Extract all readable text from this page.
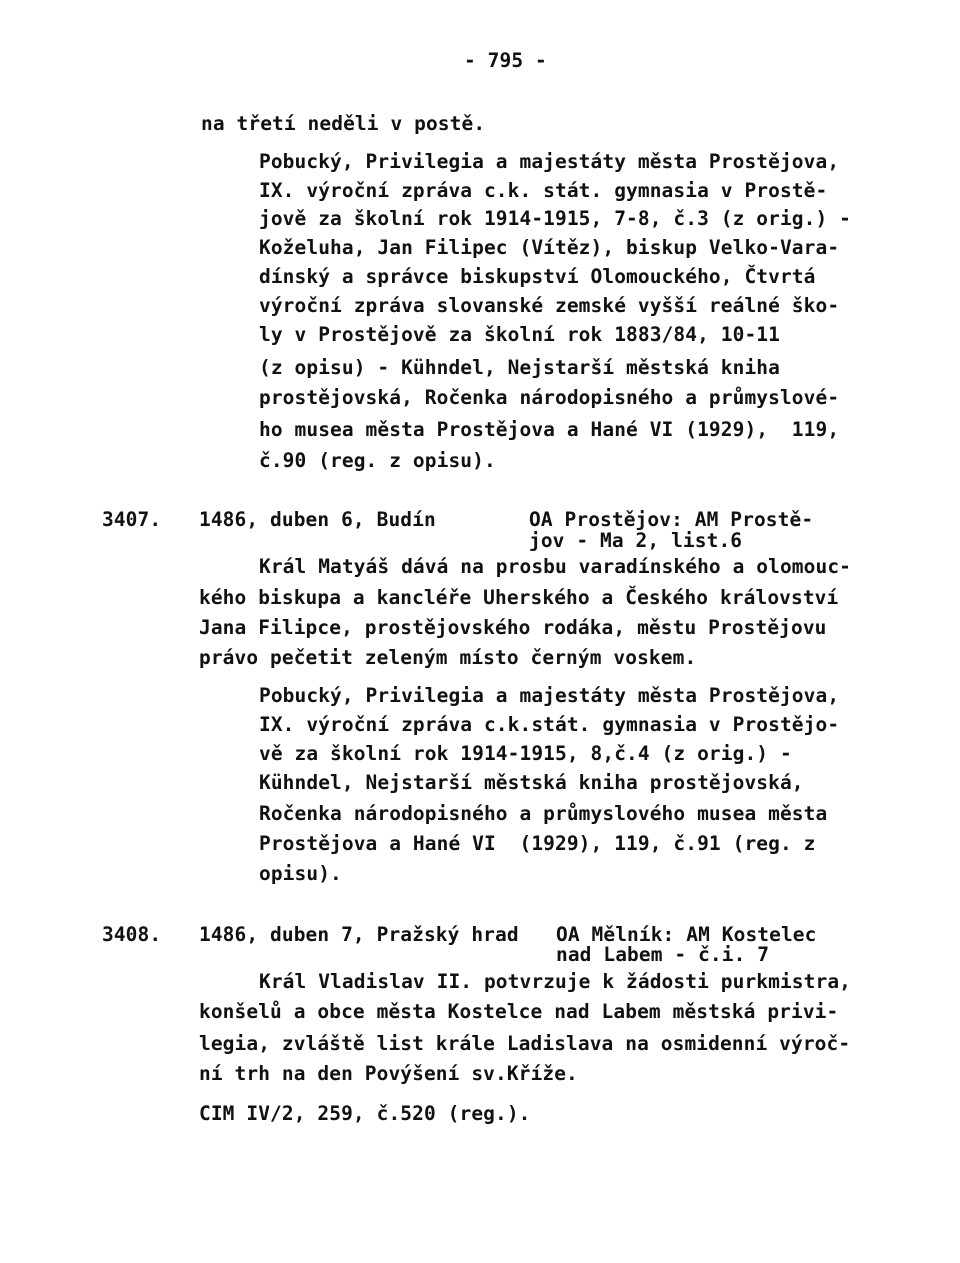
- 795 -
na třetí neděli v postě.
Pobucký, Privilegia a majestáty města Prostějova,
IX. výroční zpráva c.k. stát. gymnasia v Prostě-
jově za školní rok 1914-1915, 7-8, č.3 (z orig.) -
Koželuha, Jan Filipec (Vítěz), biskup Velko-Vara-
dínský a správce biskupství Olomouckého, Čtvrtá
výroční zpráva slovanské zemské vyšší reálné ško-
ly v Prostějově za školní rok 1883/84, 10-11
(z opisu) - Kühndel, Nejstarší městská kniha
prostějovská, Ročenka národopisného a průmyslové-
ho musea města Prostějova a Hané VI (1929),  119,
č.90 (reg. z opisu).
3407. 1486, duben 6, Budín	OA Prostějov: AM Prostě-
jov - Ma 2, list.6
Král Matyáš dává na prosbu varadínského a olomouc-
kého biskupa a kancléře Uherského a Českého království
Jana Filipce, prostějovského rodáka, městu Prostějovu
právo pečetit zeleným místo černým voskem.
Pobucký, Privilegia a majestáty města Prostějova,
IX. výroční zpráva c.k.stát. gymnasia v Prostějo-
vě za školní rok 1914-1915, 8,č.4 (z orig.) -
Kühndel, Nejstarší městská kniha prostějovská,
Ročenka národopisného a průmyslového musea města
Prostějova a Hané VI  (1929), 119, č.91 (reg. z
opisu).
3408. 1486, duben 7, Pražský hrad OA Mělník: AM Kostelec
nad Labem - č.i. 7
Král Vladislav II. potvrzuje k žádosti purkmistra,
konšelů a obce města Kostelce nad Labem městská privi-
legia, zvláště list krále Ladislava na osmidenní výroč-
ní trh na den Povýšení sv.Kříže.
CIM IV/2, 259, č.520 (reg.).
